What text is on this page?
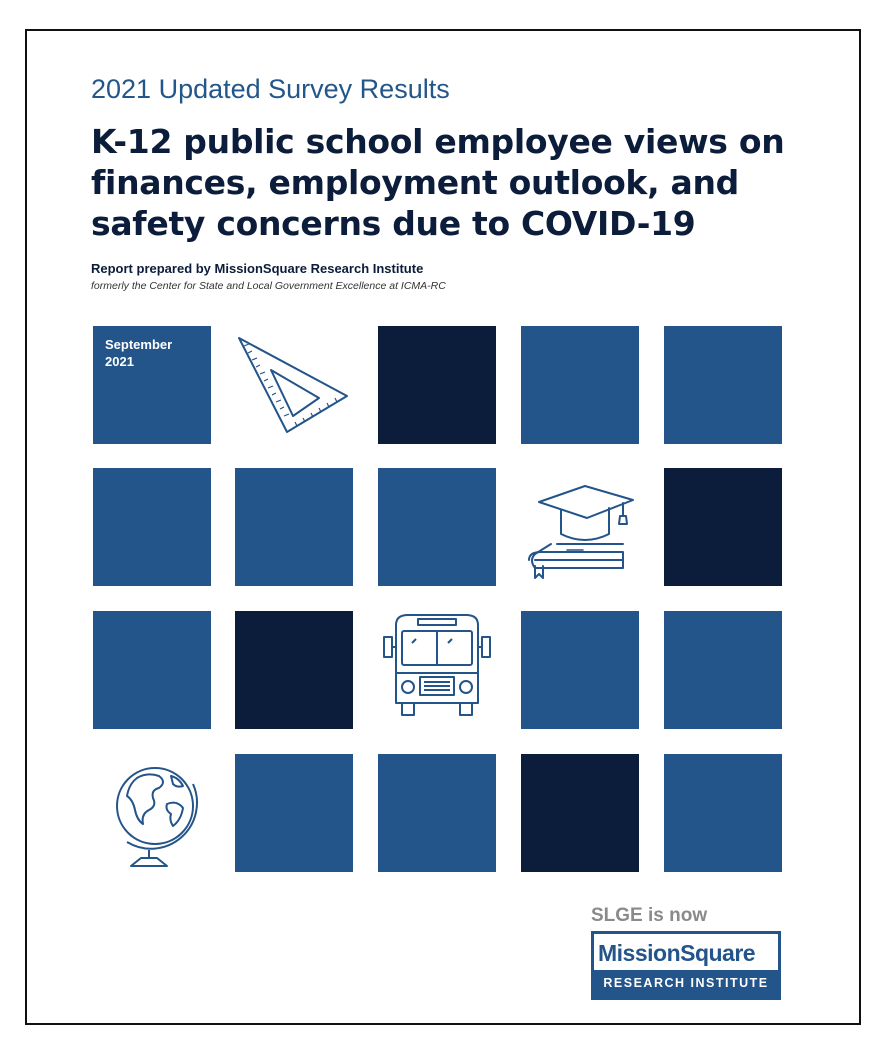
2021 Updated Survey Results
K-12 public school employee views on finances, employment outlook, and safety concerns due to COVID-19
Report prepared by MissionSquare Research Institute
formerly the Center for State and Local Government Excellence at ICMA-RC
September
2021
SLGE is now
MissionSquare
RESEARCH INSTITUTE
